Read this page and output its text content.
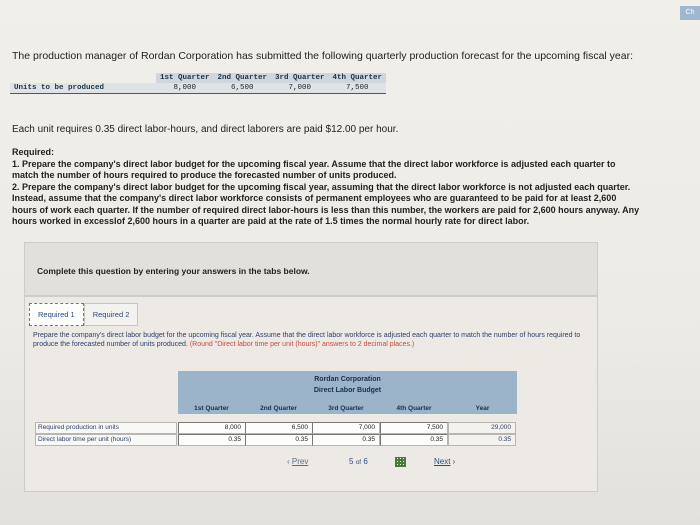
Ch
The production manager of Rordan Corporation has submitted the following quarterly production forecast for the upcoming fiscal year:
	1st Quarter	2nd Quarter	3rd Quarter	4th Quarter
Units to be produced	8,000	6,500	7,000	7,500
Each unit requires 0.35 direct labor-hours, and direct laborers are paid $12.00 per hour.

Required:

1. Prepare the company's direct labor budget for the upcoming fiscal year. Assume that the direct labor workforce is adjusted each quarter to match the number of hours required to produce the forecasted number of units produced.

2. Prepare the company's direct labor budget for the upcoming fiscal year, assuming that the direct labor workforce is not adjusted each quarter. Instead, assume that the company's direct labor workforce consists of permanent employees who are guaranteed to be paid for at least 2,600 hours of work each quarter. If the number of required direct labor-hours is less than this number, the workers are paid for 2,600 hours anyway. Any hours worked in excesslof 2,600 hours in a quarter are paid at the rate of 1.5 times the normal hourly rate for direct labor.

Complete this question by entering your answers in the tabs below.
Required 1	Required 2
Prepare the company's direct labor budget for the upcoming fiscal year. Assume that the direct labor workforce is adjusted each quarter to match the number of hours required to produce the forecasted number of units produced. (Round "Direct labor time per unit (hours)" answers to 2 decimal places.)
Rordan Corporation
Direct Labor Budget
1st Quarter	2nd Quarter	3rd Quarter	4th Quarter	Year
Required production in units	8,000	6,500	7,000	7,500	29,000
Direct labor time per unit (hours)	0.35	0.35	0.35	0.35	0.35
‹ Prev	5 of 6	Next ›
